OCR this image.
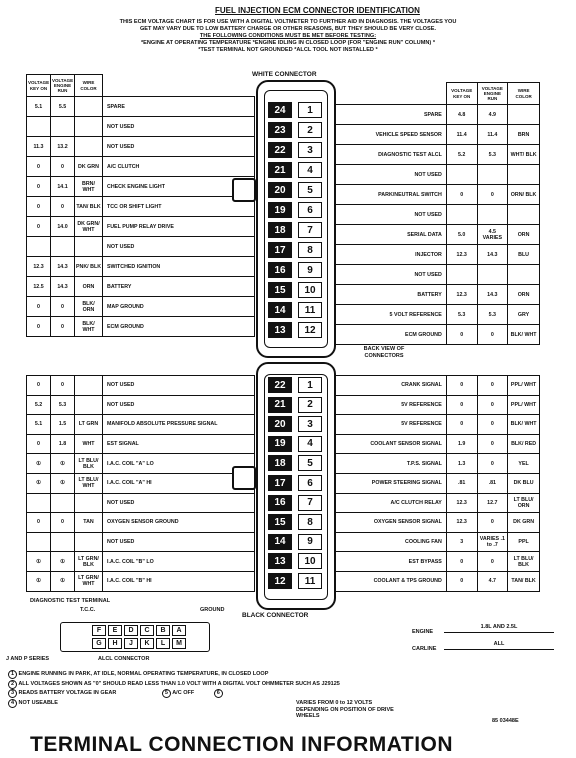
FUEL INJECTION ECM CONNECTOR IDENTIFICATION
THIS ECM VOLTAGE CHART IS FOR USE WITH A DIGITAL VOLTMETER TO FURTHER AID IN DIAGNOSIS. THE VOLTAGES YOU
GET MAY VARY DUE TO LOW BATTERY CHARGE OR OTHER REASONS, BUT THEY SHOULD BE VERY CLOSE.
THE FOLLOWING CONDITIONS MUST BE MET BEFORE TESTING:
*ENGINE AT OPERATING TEMPERATURE *ENGINE IDLING IN CLOSED LOOP (FOR "ENGINE RUN" COLUMN) *
*TEST TERMINAL NOT GROUNDED *ALCL TOOL NOT INSTALLED *
WHITE CONNECTOR
VOLTAGE KEY ON	VOLTAGE ENGINE RUN	WIRE COLOR	
5.1	5.5		SPARE
			NOT USED
11.3	13.2		NOT USED
0	0	DK GRN	A/C CLUTCH
0	14.1	BRN/ WHT	CHECK ENGINE LIGHT
0	0	TAN/ BLK	TCC OR SHIFT LIGHT
0	14.0	DK GRN/ WHT	FUEL PUMP RELAY DRIVE
			NOT USED
12.3	14.3	PNK/ BLK	SWITCHED IGNITION
12.5	14.3	ORN	BATTERY
0	0	BLK/ ORN	MAP GROUND
0	0	BLK/ WHT	ECM GROUND
	VOLTAGE KEY ON	VOLTAGE ENGINE RUN	WIRE COLOR
SPARE	4.8	4.9	
VEHICLE SPEED SENSOR	11.4	11.4	BRN
DIAGNOSTIC TEST ALCL	5.2	5.3	WHT/ BLK
NOT USED			
PARK/NEUTRAL SWITCH	0	0	ORN/ BLK
NOT USED			
SERIAL DATA	5.0	4.5 VARIES	ORN
INJECTOR	12.3	14.3	BLU
NOT USED			
BATTERY	12.3	14.3	ORN
5 VOLT REFERENCE	5.3	5.3	GRY
ECM GROUND	0	0	BLK/ WHT
BACK VIEW OF CONNECTORS
0	0		NOT USED
5.2	5.3		NOT USED
5.1	1.5	LT GRN	MANIFOLD ABSOLUTE PRESSURE SIGNAL
0	1.8	WHT	EST SIGNAL
①	①	LT BLU/ BLK	I.A.C. COIL "A" LO
①	①	LT BLU/ WHT	I.A.C. COIL "A" HI
			NOT USED
0	0	TAN	OXYGEN SENSOR GROUND
			NOT USED
①	①	LT GRN/ BLK	I.A.C. COIL "B" LO
①	①	LT GRN/ WHT	I.A.C. COIL "B" HI
CRANK SIGNAL	0	0	PPL/ WHT
5V REFERENCE	0	0	PPL/ WHT
5V REFERENCE	0	0	BLK/ WHT
COOLANT SENSOR SIGNAL	1.9	0	BLK/ RED
T.P.S. SIGNAL	1.3	0	YEL
POWER STEERING SIGNAL	.81	.81	DK BLU
A/C CLUTCH RELAY	12.3	12.7	LT BLU/ ORN
OXYGEN SENSOR SIGNAL	12.3	0	DK GRN
COOLING FAN	3	VARIES .1 to .7	PPL
EST BYPASS	0	0	LT BLU/ BLK
COOLANT & TPS GROUND	0	4.7	TAN/ BLK
24	1
23	2
22	3
21	4
20	5
19	6
18	7
17	8
16	9
15	10
14	11
13	12
22	1
21	2
20	3
19	4
18	5
17	6
16	7
15	8
14	9
13	10
12	11
BLACK CONNECTOR
DIAGNOSTIC TEST TERMINAL
T.C.C.	GROUND
F	E	D	C	B	A
G	H	J	K	L	M
J AND P SERIES	ALCL CONNECTOR
ENGINE
1.8L AND 2.5L
CARLINE
ALL
1 ENGINE RUNNING IN PARK, AT IDLE, NORMAL OPERATING TEMPERATURE, IN CLOSED LOOP
2 ALL VOLTAGES SHOWN AS "0" SHOULD READ LESS THAN 1.0 VOLT WITH A DIGITAL VOLT OHMMETER SUCH AS J29125
3 READS BATTERY VOLTAGE IN GEAR	5 A/C OFF	6
4 NOT USEABLE	VARIES FROM 0 to 12 VOLTS DEPENDING ON POSITION OF DRIVE WHEELS
85 03448E
TERMINAL CONNECTION INFORMATION
